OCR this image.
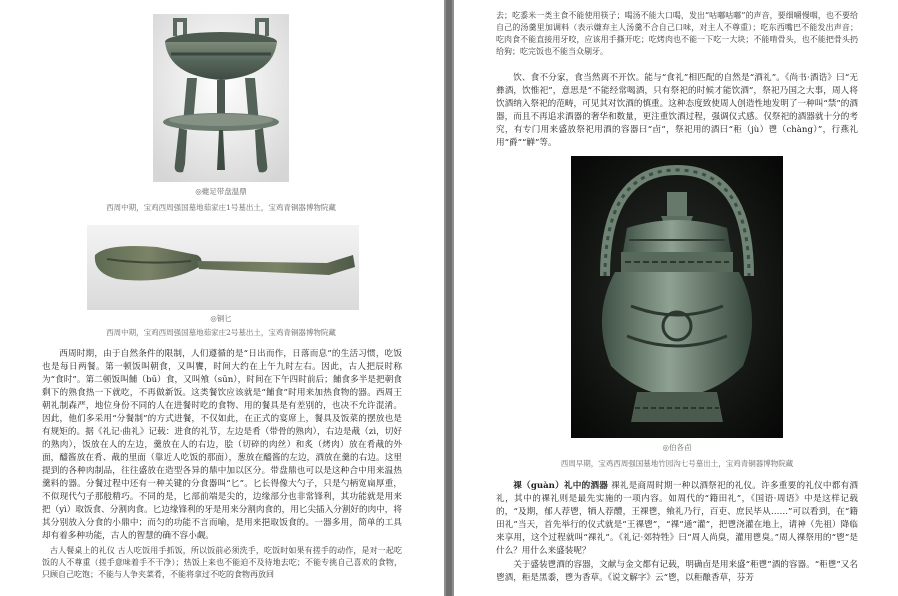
◎夔足带盘温鼎
西周中期，宝鸡西周强国墓地茹家庄1号墓出土，宝鸡青铜器博物院藏
◎铜匕
西周中期，宝鸡西周强国墓地茹家庄2号墓出土，宝鸡青铜器博物院藏

西周时期，由于自然条件的限制，人们遵循的是“日出而作，日落而息”的生活习惯，吃饭也是每日两餐。第一顿饭叫朝食，又叫饔，时间大约在上午九时左右。因此，古人把辰时称为“食时”。第二顿饭叫餔（bū）食，又叫飧（sūn），时间在下午四时前后；餔食多半是把朝食剩下的熟食热一下就吃，不再做新饭。这类餐饮应该就是“餔食”时用来加热食物的器。西周王朝礼制森严，地位身份不同的人在进餐时吃的食物、用的餐具是有差别的，也决不允许混淆。因此，他们多采用“分餐制”的方式进餐，不仅如此，在正式的宴席上，餐具及饭菜的摆放也是有规矩的。据《礼记·曲礼》记载：进食的礼节，左边是肴（带骨的熟肉），右边是胾（zì，切好的熟肉），饭放在人的左边，羹放在人的右边，脍（切碎的肉丝）和炙（烤肉）放在肴胾的外面，醯酱放在肴、胾的里面（靠近人吃饭的那面），葱放在醯酱的左边，酒放在羹的右边。这里提到的各种肉制品，往往盛放在造型各异的鼎中加以区分。带盘鼎也可以是这种合中用来温热羹料的器。分餐过程中还有一种关键的分食器叫“匕”。匕长得像大勺子，只是勺柄宽扁厚重，不似现代勺子那般精巧。不同的是，匕部前端是尖的，边缘部分也非常锋利，其功能就是用来把（yì）取饭食、分割肉食。匕边缘锋利的牙是用来分割肉食的，用匕尖插入分割好的肉中，将其分别放入分食的小鼎中；而匀的功能不言而喻，是用来挹取饭食的。一器多用，简单的工具却有着多种功能，古人的智慧的确不容小觑。

古人餐桌上的礼仪 古人吃饭用手抓饭，所以饭前必须洗手，吃饭时如果有搓手的动作，是对一起吃饭的人不尊重（搓手意味着手不干净）；热饭上来也不能迫不及待地去吃；不能专挑自己喜欢的食物，只顾自己吃饱；不能与人争夹菜肴，不能将拿过不吃的食物再放回

去；吃黍米一类主食不能使用筷子；喝汤不能大口喝，发出“咕嘟咕嘟”的声音，要细嚼慢咽，也不要给自己的汤羹里加调料（表示嫌弃主人汤羹不合自己口味，对主人不尊重）；吃东西嘴巴不能发出声音；吃肉食不能直接用牙咬，应该用手撕开吃；吃烤肉也不能一下吃一大块；不能啃骨头，也不能把骨头扔给狗；吃完饭也不能当众剔牙。

饮、食不分家，食当然离不开饮。能与“食礼”相匹配的自然是“酒礼”。《尚书·酒诰》曰“无彝酒，饮惟祀”，意思是“不能经常喝酒，只有祭祀的时候才能饮酒”，祭祀乃国之大事，周人将饮酒纳入祭祀的范畴，可见其对饮酒的慎重。这种态度致使周人创造性地发明了一种叫“禁”的酒器，而且不再追求酒器的奢华和数量，更注重饮酒过程，强调仪式感。仅祭祀的酒器就十分的考究，有专门用来盛放祭祀用酒的容器曰“卣”，祭祀用的酒曰“秬（jù）鬯（chàng）”，行燕礼用“爵”“觯”等。

◎伯各卣
西周早期，宝鸡西周强国墓地竹园沟七号墓出土，宝鸡青铜器博物院藏

祼（guàn）礼中的酒器 祼礼是商周时期一种以酒祭祀的礼仪。许多重要的礼仪中都有酒礼，其中的祼礼则是最先实施的一项内容。如周代的“籍田礼”，《国语·周语》中是这样记载的，“及期，郁人荐鬯，牺人荐醴，王祼鬯，飨礼乃行，百吏、庶民毕从……”可以看到，在“籍田礼”当天，首先举行的仪式就是“王祼鬯”，“祼”通“灌”，把鬯浇灌在地上，请神（先祖）降临来享用，这个过程就叫“祼礼”。《礼记·郊特牲》曰“周人尚臭，灌用鬯臭。”周人祼祭用的“鬯”是什么？用什么来盛装呢？

关于盛装鬯酒的容器，文献与金文都有记载，明确卣是用来盛“秬鬯”酒的容器。“秬鬯”又名鬯酒，秬是黑黍，鬯为香草。《说文解字》云“鬯，以秬酿香草，芬芳
